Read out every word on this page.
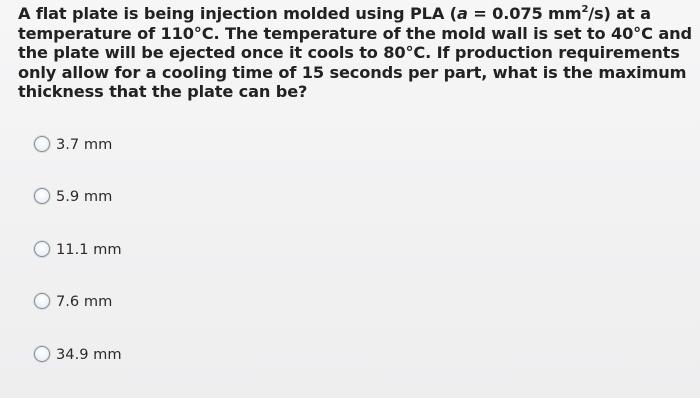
A flat plate is being injection molded using PLA (a = 0.075 $mm^2/s$) at a temperature of 110°C. The temperature of the mold wall is set to 40°C and the plate will be ejected once it cools to 80°C. If production requirements only allow for a cooling time of 15 seconds per part, what is the maximum thickness that the plate can be?
3.7 mm
5.9 mm
11.1 mm
7.6 mm
34.9 mm
